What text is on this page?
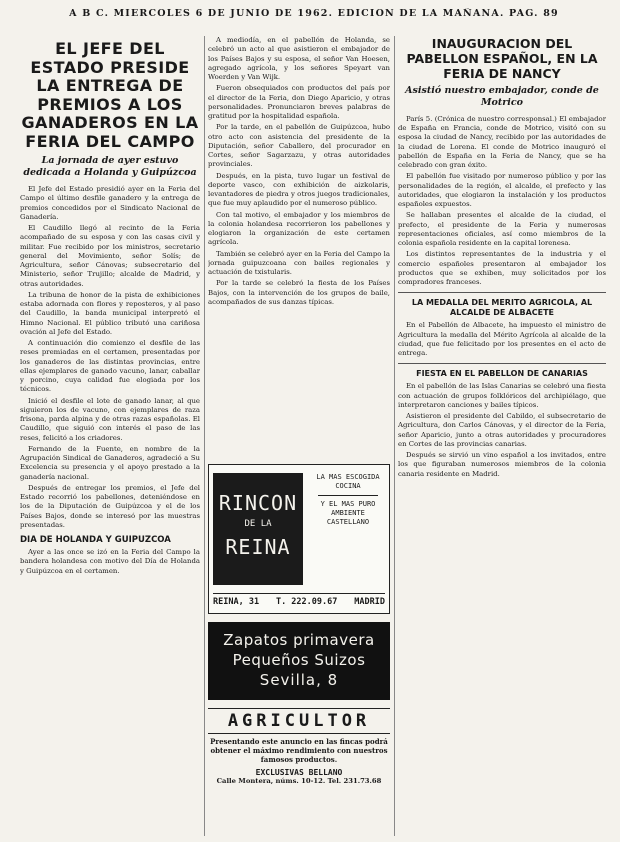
A B C. MIERCOLES 6 DE JUNIO DE 1962. EDICION DE LA MAÑANA. PAG. 89
EL JEFE DEL ESTADO PRESIDE LA ENTREGA DE PREMIOS A LOS GANADEROS EN LA FERIA DEL CAMPO
La jornada de ayer estuvo dedicada a Holanda y Guipúzcoa

El Jefe del Estado presidió ayer en la Feria del Campo el último desfile ganadero y la entrega de premios concedidos por el Sindicato Nacional de Ganadería.

El Caudillo llegó al recinto de la Feria acompañado de su esposa y con las casas civil y militar. Fue recibido por los ministros, secretario general del Movimiento, señor Solís; de Agricultura, señor Cánovas; subsecretario del Ministerio, señor Trujillo; alcalde de Madrid, y otras autoridades.

La tribuna de honor de la pista de exhibiciones estaba adornada con flores y reposteros, y al paso del Caudillo, la banda municipal interpretó el Himno Nacional. El público tributó una cariñosa ovación al Jefe del Estado.

A continuación dio comienzo el desfile de las reses premiadas en el certamen, presentadas por los ganaderos de las distintas provincias, entre ellas ejemplares de ganado vacuno, lanar, caballar y porcino, cuya calidad fue elogiada por los técnicos.

Inició el desfile el lote de ganado lanar, al que siguieron los de vacuno, con ejemplares de raza frisona, parda alpina y de otras razas españolas. El Caudillo, que siguió con interés el paso de las reses, felicitó a los criadores.

Fernando de la Fuente, en nombre de la Agrupación Sindical de Ganaderos, agradeció a Su Excelencia su presencia y el apoyo prestado a la ganadería nacional.

Después de entregar los premios, el Jefe del Estado recorrió los pabellones, deteniéndose en los de la Diputación de Guipúzcoa y el de los Países Bajos, donde se interesó por las muestras presentadas.

DIA DE HOLANDA Y GUIPUZCOA

Ayer a las once se izó en la Feria del Campo la bandera holandesa con motivo del Día de Holanda y Guipúzcoa en el certamen.

A mediodía, en el pabellón de Holanda, se celebró un acto al que asistieron el embajador de los Países Bajos y su esposa, el señor Van Hoesen, agregado agrícola, y los señores Speyart van Woerden y Van Wijk.

Fueron obsequiados con productos del país por el director de la Feria, don Diego Aparicio, y otras personalidades. Pronunciaron breves palabras de gratitud por la hospitalidad española.

Por la tarde, en el pabellón de Guipúzcoa, hubo otro acto con asistencia del presidente de la Diputación, señor Caballero, del procurador en Cortes, señor Sagarzazu, y otras autoridades provinciales.

Después, en la pista, tuvo lugar un festival de deporte vasco, con exhibición de aizkolaris, levantadores de piedra y otros juegos tradicionales, que fue muy aplaudido por el numeroso público.

Con tal motivo, el embajador y los miembros de la colonia holandesa recorrieron los pabellones y elogiaron la organización de este certamen agrícola.

También se celebró ayer en la Feria del Campo la jornada guipuzcoana con bailes regionales y actuación de txistularis.

Por la tarde se celebró la fiesta de los Países Bajos, con la intervención de los grupos de baile, acompañados de sus danzas típicas.

RINCON
DE LA
REINA
LA MAS ESCOGIDA COCINA
Y EL MAS PURO AMBIENTE CASTELLANO
REINA, 31 T. 222.09.67 MADRID
Zapatos primavera
Pequeños Suizos
Sevilla, 8
AGRICULTOR
Presentando este anuncio en las fincas podrá obtener el máximo rendimiento con nuestros famosos productos.
EXCLUSIVAS BELLANO
Calle Montera, núms. 10-12. Tel. 231.73.68
INAUGURACION DEL PABELLON ESPAÑOL, EN LA FERIA DE NANCY
Asistió nuestro embajador, conde de Motrico

París 5. (Crónica de nuestro corresponsal.) El embajador de España en Francia, conde de Motrico, visitó con su esposa la ciudad de Nancy, recibido por las autoridades de la ciudad de Lorena. El conde de Motrico inauguró el pabellón de España en la Feria de Nancy, que se ha celebrado con gran éxito.

El pabellón fue visitado por numeroso público y por las personalidades de la región, el alcalde, el prefecto y las autoridades, que elogiaron la instalación y los productos españoles expuestos.

Se hallaban presentes el alcalde de la ciudad, el prefecto, el presidente de la Feria y numerosas representaciones oficiales, así como miembros de la colonia española residente en la capital lorenesa.

Los distintos representantes de la industria y el comercio españoles presentaron al embajador los productos que se exhiben, muy solicitados por los compradores franceses.

LA MEDALLA DEL MERITO AGRICOLA, AL ALCALDE DE ALBACETE

En el Pabellón de Albacete, ha impuesto el ministro de Agricultura la medalla del Mérito Agrícola al alcalde de la ciudad, que fue felicitado por los presentes en el acto de entrega.

FIESTA EN EL PABELLON DE CANARIAS

En el pabellón de las Islas Canarias se celebró una fiesta con actuación de grupos folklóricos del archipiélago, que interpretaron canciones y bailes típicos.

Asistieron el presidente del Cabildo, el subsecretario de Agricultura, don Carlos Cánovas, y el director de la Feria, señor Aparicio, junto a otras autoridades y procuradores en Cortes de las provincias canarias.

Después se sirvió un vino español a los invitados, entre los que figuraban numerosos miembros de la colonia canaria residente en Madrid.
